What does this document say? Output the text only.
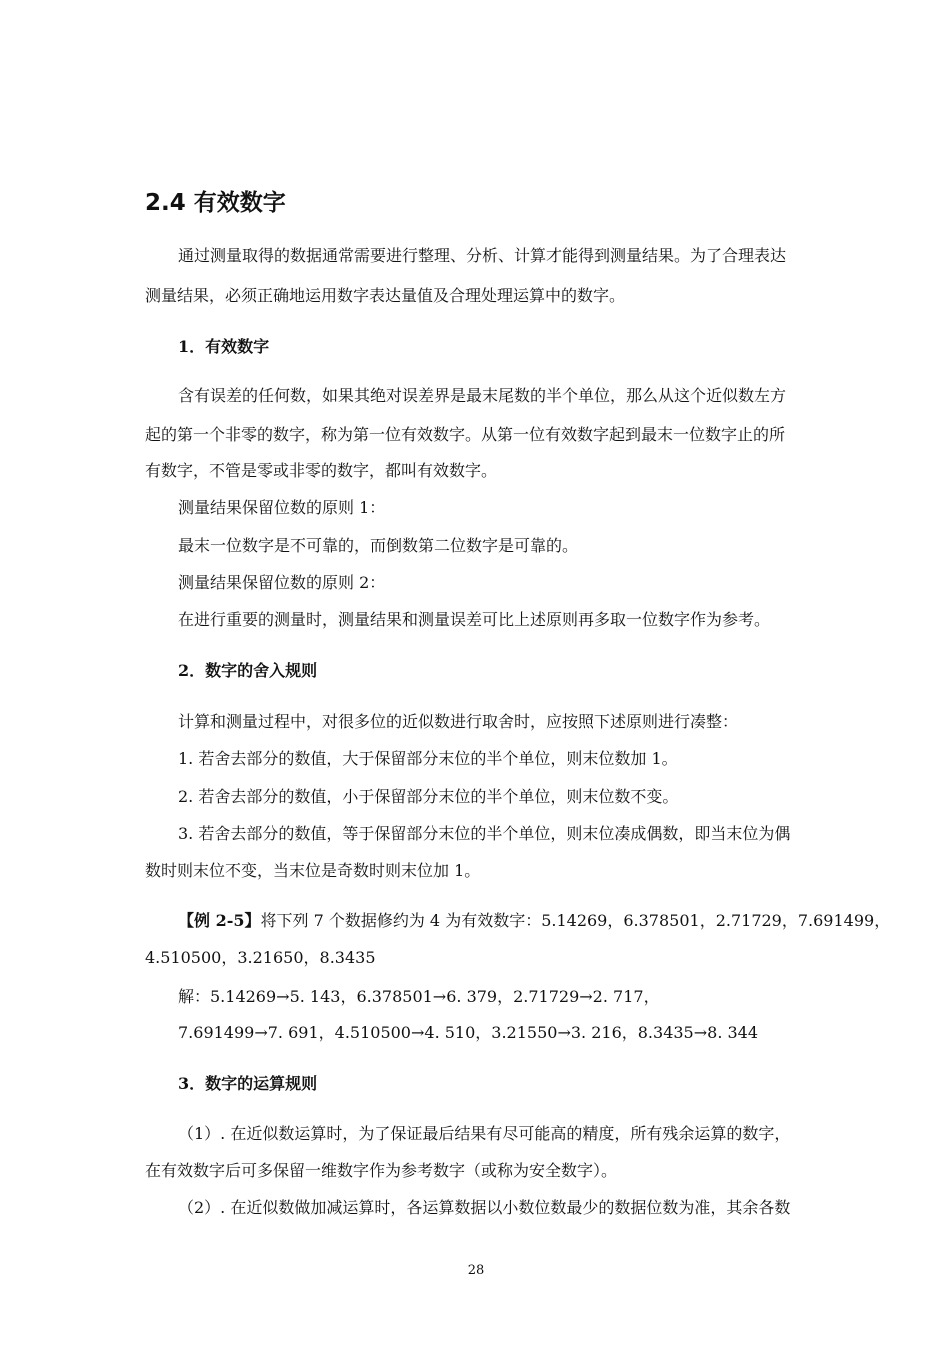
2.4 有效数字
通过测量取得的数据通常需要进行整理、分析、计算才能得到测量结果。为了合理表达
测量结果，必须正确地运用数字表达量值及合理处理运算中的数字。
1．有效数字
含有误差的任何数，如果其绝对误差界是最末尾数的半个单位，那么从这个近似数左方
起的第一个非零的数字，称为第一位有效数字。从第一位有效数字起到最末一位数字止的所
有数字，不管是零或非零的数字，都叫有效数字。
测量结果保留位数的原则 1：
最末一位数字是不可靠的，而倒数第二位数字是可靠的。
测量结果保留位数的原则 2：
在进行重要的测量时，测量结果和测量误差可比上述原则再多取一位数字作为参考。
2．数字的舍入规则
计算和测量过程中，对很多位的近似数进行取舍时，应按照下述原则进行凑整：
1. 若舍去部分的数值，大于保留部分末位的半个单位，则末位数加 1。
2. 若舍去部分的数值，小于保留部分末位的半个单位，则末位数不变。
3. 若舍去部分的数值，等于保留部分末位的半个单位，则末位凑成偶数，即当末位为偶
数时则末位不变，当末位是奇数时则末位加 1。
【例 2-5】将下列 7 个数据修约为 4 为有效数字：5.14269，6.378501，2.71729，7.691499，
4.510500，3.21650，8.3435
解：5.14269→5. 143，6.378501→6. 379，2.71729→2. 717，
7.691499→7. 691，4.510500→4. 510，3.21550→3. 216，8.3435→8. 344
3．数字的运算规则
（1）. 在近似数运算时，为了保证最后结果有尽可能高的精度，所有残余运算的数字，
在有效数字后可多保留一维数字作为参考数字（或称为安全数字）。
（2）. 在近似数做加减运算时，各运算数据以小数位数最少的数据位数为准，其余各数
28
